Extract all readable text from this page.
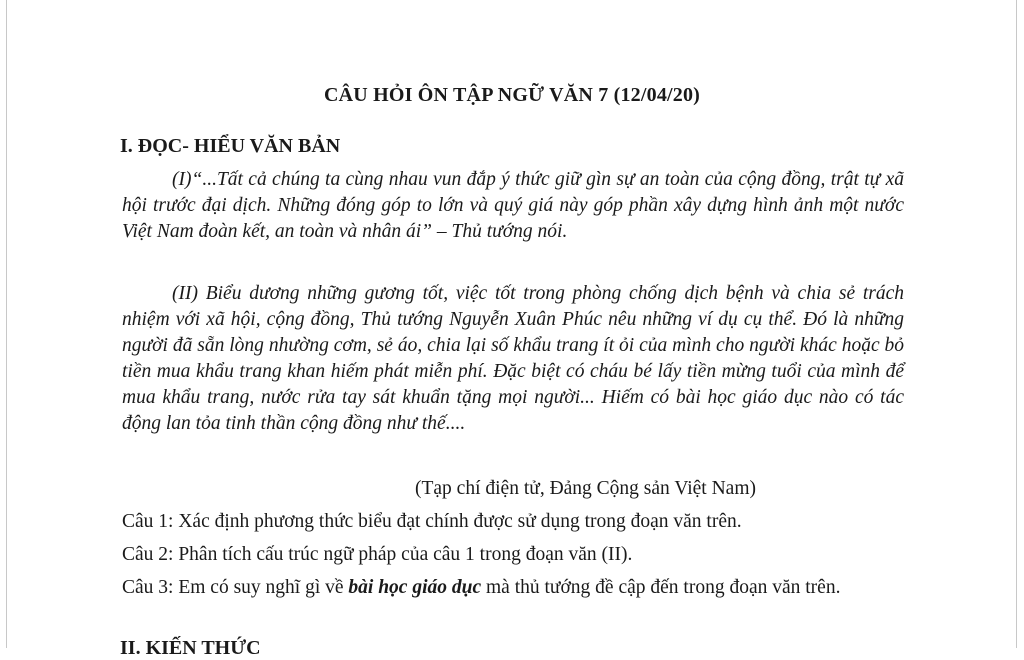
CÂU HỎI ÔN TẬP NGỮ VĂN 7 (12/04/20)
I. ĐỌC- HIỂU VĂN BẢN
(I)“...Tất cả chúng ta cùng nhau vun đắp ý thức giữ gìn sự an toàn của cộng đồng, trật tự xã hội trước đại dịch. Những đóng góp to lớn và quý giá này góp phần xây dựng hình ảnh một nước Việt Nam đoàn kết, an toàn và nhân ái” – Thủ tướng nói.
(II) Biểu dương những gương tốt, việc tốt trong phòng chống dịch bệnh và chia sẻ trách nhiệm với xã hội, cộng đồng, Thủ tướng Nguyễn Xuân Phúc nêu những ví dụ cụ thể. Đó là những người đã sẵn lòng nhường cơm, sẻ áo, chia lại số khẩu trang ít ỏi của mình cho người khác hoặc bỏ tiền mua khẩu trang khan hiếm phát miễn phí. Đặc biệt có cháu bé lấy tiền mừng tuổi của mình để mua khẩu trang, nước rửa tay sát khuẩn tặng mọi người... Hiếm có bài học giáo dục nào có tác động lan tỏa tinh thần cộng đồng như thế....
(Tạp chí điện tử, Đảng Cộng sản Việt Nam)
Câu 1: Xác định phương thức biểu đạt chính được sử dụng trong đoạn văn trên.
Câu 2: Phân tích cấu trúc ngữ pháp của câu 1 trong đoạn văn (II).
Câu 3: Em có suy nghĩ gì về bài học giáo dục mà thủ tướng đề cập đến trong đoạn văn trên.
II. KIẾN THỨC
